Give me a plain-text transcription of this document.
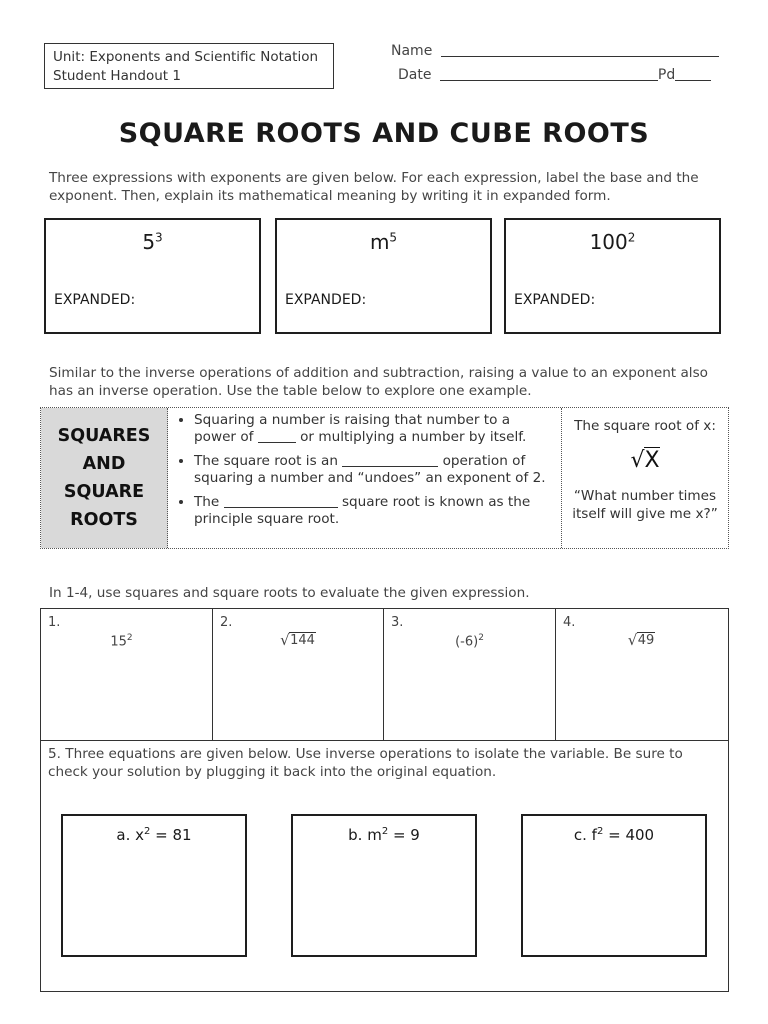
Unit: Exponents and Scientific Notation
Student Handout 1
Name
Date	Pd
SQUARE ROOTS AND CUBE ROOTS
Three expressions with exponents are given below. For each expression, label the base and the exponent. Then, explain its mathematical meaning by writing it in expanded form.
$5^3$
EXPANDED:
$m^5$
EXPANDED:
$100^2$
EXPANDED:
Similar to the inverse operations of addition and subtraction, raising a value to an exponent also has an inverse operation. Use the table below to explore one example.
SQUARES
AND
SQUARE
ROOTS
• Squaring a number is raising that number to a power of	or multiplying a number by itself.
• The square root is an	operation of squaring a number and “undoes” an exponent of 2.
• The	square root is known as the principle square root.
The square root of x:
√X
“What number times itself will give me x?”
In 1-4, use squares and square roots to evaluate the given expression.
1.
$15^2$
2.
√ 144
3.
$(-6)^2$
4.
√ 49
5. Three equations are given below. Use inverse operations to isolate the variable. Be sure to check your solution by plugging it back into the original equation.
a. $x^2 = 81$	b. $m^2 = 9$	c. $f^2 = 400$
